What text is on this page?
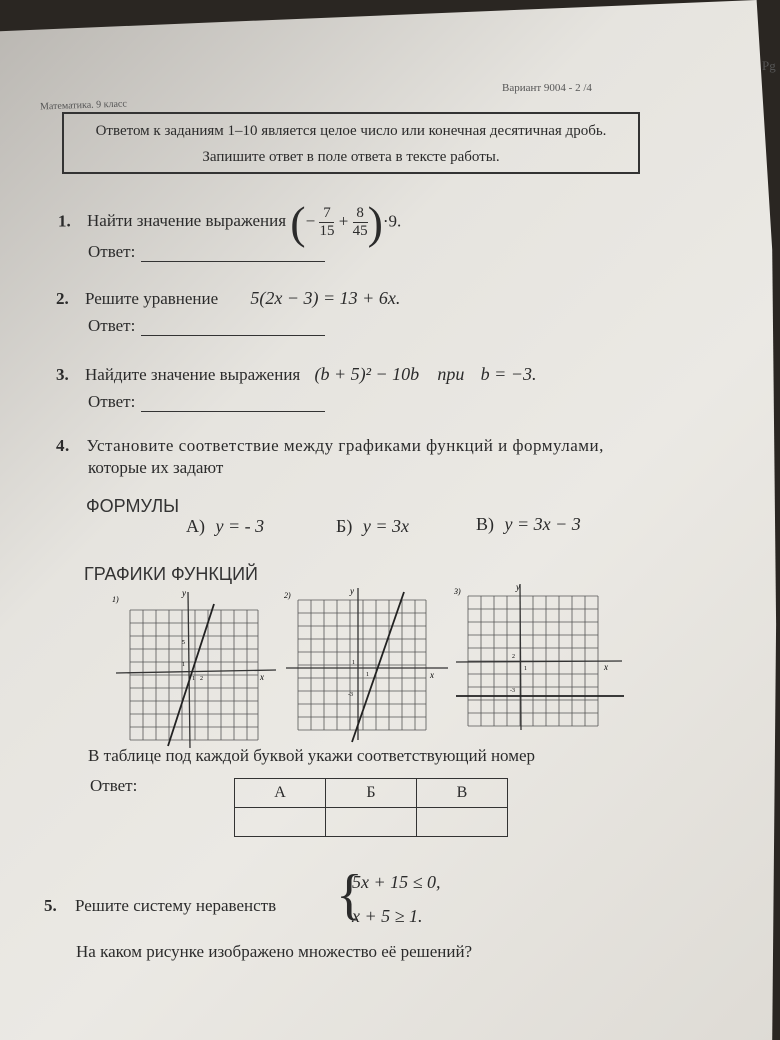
Математика. 9 класс
Вариант 9004 - 2 /4
Pg
Ответом к заданиям 1–10 является целое число или конечная десятичная дробь. Запишите ответ в поле ответа в тексте работы.
1. Найти значение выражения (− $\frac{7}{15} + \frac{8}{45} )\cdot 9$.
Ответ:
2. Решите уравнение 5(2x − 3) = 13 + 6x.
Ответ:
3. Найдите значение выражения (b + 5)² − 10b при b = −3.
Ответ:
4. Установите соответствие между графиками функций и формулами,
которые их задают
ФОРМУЛЫ
А) y = - 3	Б) y = 3x	В) y = 3x − 3
ГРАФИКИ ФУНКЦИЙ
1)
y
x
5
1
1 2
2)	y
x
1
1
-3
3)	y
x
2
1
-3
В таблице под каждой буквой укажи соответствующий номер
Ответ:	А	Б	В

5. Решите систему неравенств {
5x + 15 ≤ 0,
x + 5 ≥ 1.
На каком рисунке изображено множество её решений?
